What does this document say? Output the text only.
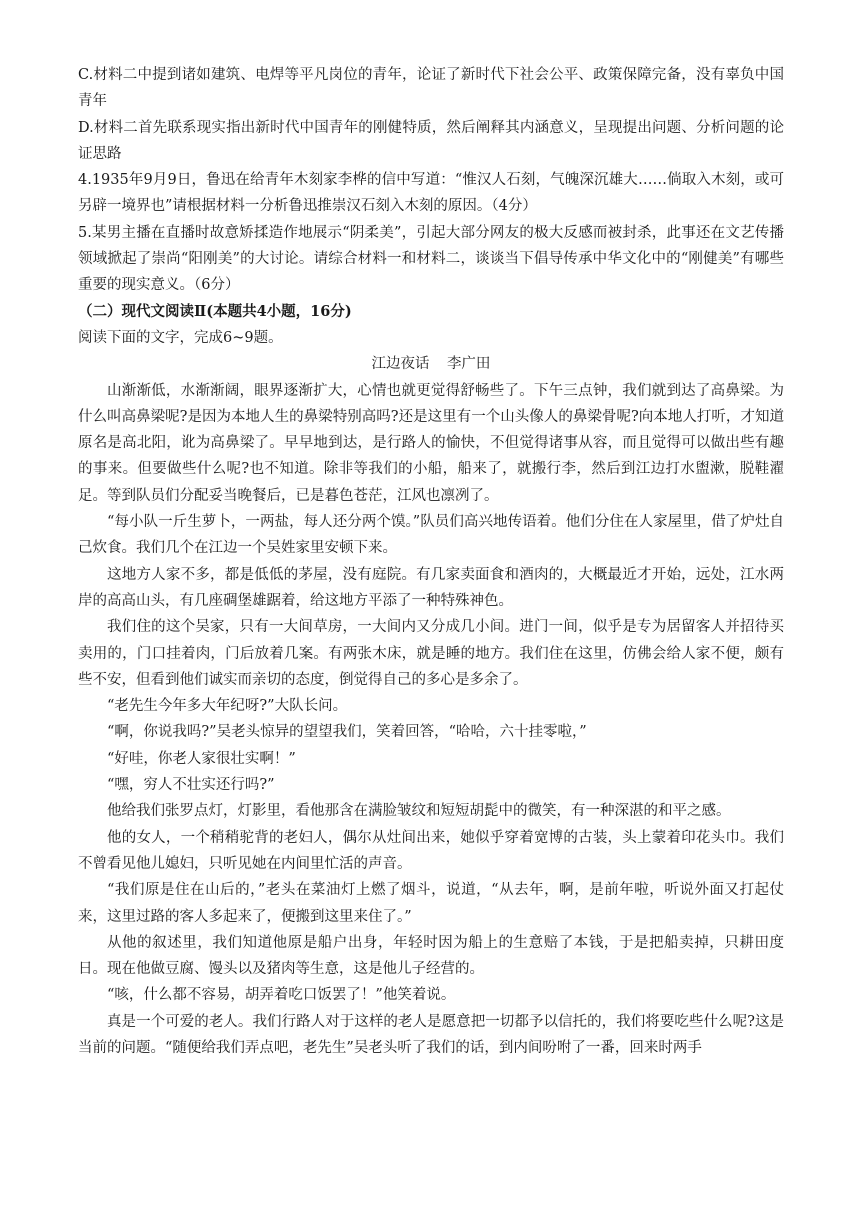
C.材料二中提到诸如建筑、电焊等平凡岗位的青年，论证了新时代下社会公平、政策保障完备，没有辜负中国青年

D.材料二首先联系现实指出新时代中国青年的刚健特质，然后阐释其内涵意义，呈现提出问题、分析问题的论证思路

4.1935年9月9日，鲁迅在给青年木刻家李桦的信中写道：“惟汉人石刻，气魄深沉雄大……倘取入木刻，或可另辟一境界也”请根据材料一分析鲁迅推崇汉石刻入木刻的原因。（4分）

5.某男主播在直播时故意矫揉造作地展示“阴柔美”，引起大部分网友的极大反感而被封杀，此事还在文艺传播领域掀起了崇尚“阳刚美”的大讨论。请综合材料一和材料二，谈谈当下倡导传承中华文化中的“刚健美”有哪些重要的现实意义。（6分）

（二）现代文阅读Ⅱ(本题共4小题，16分)

阅读下面的文字，完成6~9题。

江边夜话 李广田

山渐渐低，水渐渐阔，眼界逐渐扩大，心情也就更觉得舒畅些了。下午三点钟，我们就到达了高鼻梁。为什么叫高鼻梁呢?是因为本地人生的鼻梁特别高吗?还是这里有一个山头像人的鼻梁骨呢?向本地人打听，才知道原名是高北阳，讹为高鼻梁了。早早地到达，是行路人的愉快，不但觉得诸事从容，而且觉得可以做出些有趣的事来。但要做些什么呢?也不知道。除非等我们的小船，船来了，就搬行李，然后到江边打水盥漱，脱鞋濯足。等到队员们分配妥当晚餐后，已是暮色苍茫，江风也凛冽了。

“每小队一斤生萝卜，一两盐，每人还分两个馍。”队员们高兴地传语着。他们分住在人家屋里，借了炉灶自己炊食。我们几个在江边一个吴姓家里安顿下来。

这地方人家不多，都是低低的茅屋，没有庭院。有几家卖面食和酒肉的，大概最近才开始，远处，江水两岸的高高山头，有几座碉堡雄踞着，给这地方平添了一种特殊神色。

我们住的这个吴家，只有一大间草房，一大间内又分成几小间。进门一间，似乎是专为居留客人并招待买卖用的，门口挂着肉，门后放着几案。有两张木床，就是睡的地方。我们住在这里，仿佛会给人家不便，颇有些不安，但看到他们诚实而亲切的态度，倒觉得自己的多心是多余了。

“老先生今年多大年纪呀?”大队长问。

“啊，你说我吗?”吴老头惊异的望望我们，笑着回答，“哈哈，六十挂零啦，”

“好哇，你老人家很壮实啊！”

“嘿，穷人不壮实还行吗?”

他给我们张罗点灯，灯影里，看他那含在满脸皱纹和短短胡髭中的微笑，有一种深湛的和平之感。

他的女人，一个稍稍驼背的老妇人，偶尔从灶间出来，她似乎穿着宽博的古装，头上蒙着印花头巾。我们不曾看见他儿媳妇，只听见她在内间里忙活的声音。

“我们原是住在山后的，”老头在菜油灯上燃了烟斗，说道，“从去年，啊，是前年啦，听说外面又打起仗来，这里过路的客人多起来了，便搬到这里来住了。”

从他的叙述里，我们知道他原是船户出身，年轻时因为船上的生意赔了本钱，于是把船卖掉，只耕田度日。现在他做豆腐、馒头以及猪肉等生意，这是他儿子经营的。

“咳，什么都不容易，胡弄着吃口饭罢了！”他笑着说。

真是一个可爱的老人。我们行路人对于这样的老人是愿意把一切都予以信托的，我们将要吃些什么呢?这是当前的问题。“随便给我们弄点吧，老先生”吴老头听了我们的话，到内间吩咐了一番，回来时两手
